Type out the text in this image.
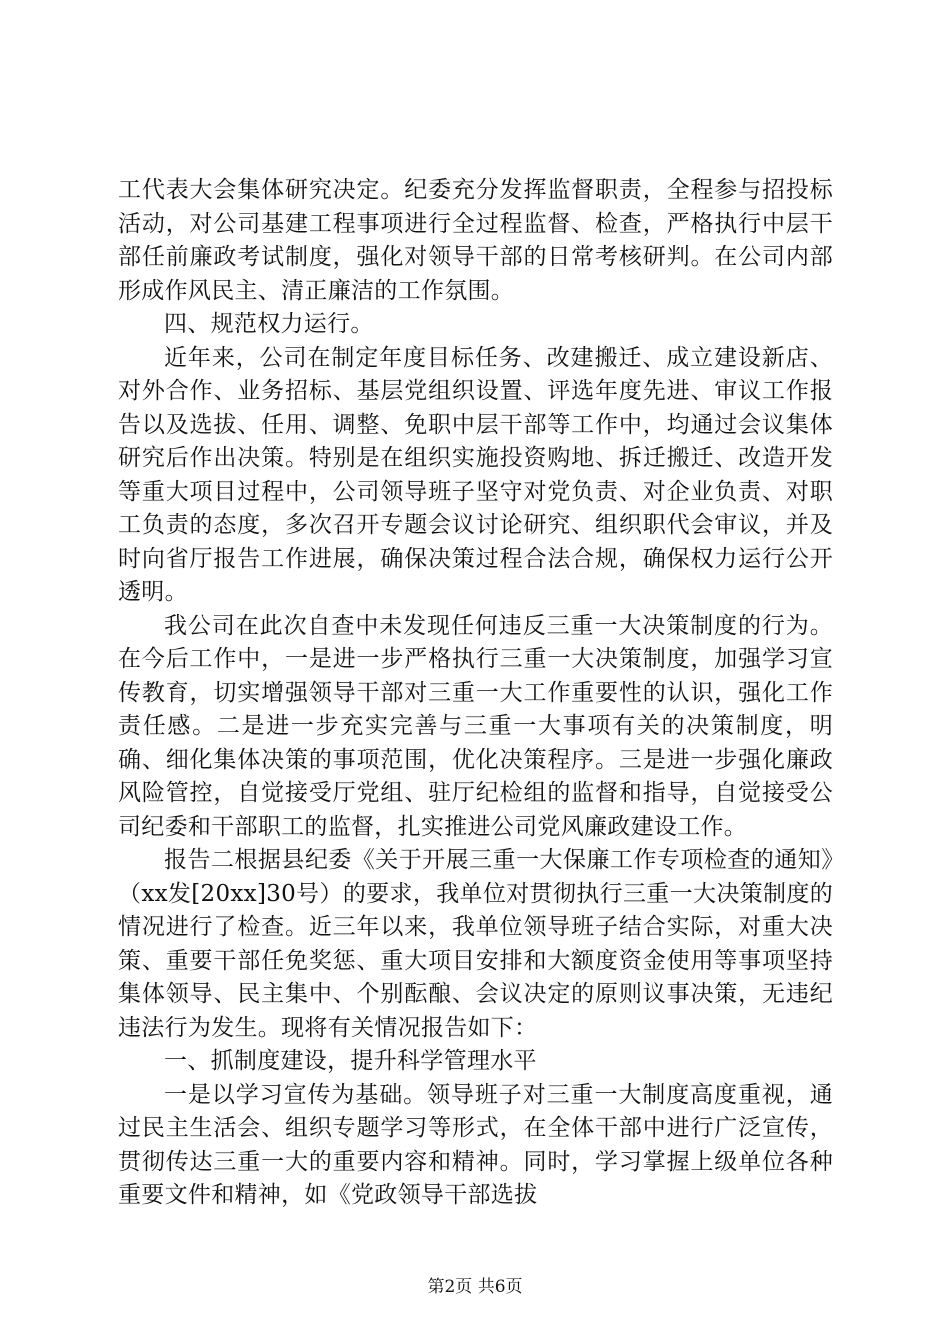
工代表大会集体研究决定。纪委充分发挥监督职责，全程参与招投标活动，对公司基建工程事项进行全过程监督、检查，严格执行中层干部任前廉政考试制度，强化对领导干部的日常考核研判。在公司内部形成作风民主、清正廉洁的工作氛围。

四、规范权力运行。

近年来，公司在制定年度目标任务、改建搬迁、成立建设新店、对外合作、业务招标、基层党组织设置、评选年度先进、审议工作报告以及选拔、任用、调整、免职中层干部等工作中，均通过会议集体研究后作出决策。特别是在组织实施投资购地、拆迁搬迁、改造开发等重大项目过程中，公司领导班子坚守对党负责、对企业负责、对职工负责的态度，多次召开专题会议讨论研究、组织职代会审议，并及时向省厅报告工作进展，确保决策过程合法合规，确保权力运行公开透明。

我公司在此次自查中未发现任何违反三重一大决策制度的行为。在今后工作中，一是进一步严格执行三重一大决策制度，加强学习宣传教育，切实增强领导干部对三重一大工作重要性的认识，强化工作责任感。二是进一步充实完善与三重一大事项有关的决策制度，明确、细化集体决策的事项范围，优化决策程序。三是进一步强化廉政风险管控，自觉接受厅党组、驻厅纪检组的监督和指导，自觉接受公司纪委和干部职工的监督，扎实推进公司党风廉政建设工作。

报告二根据县纪委《关于开展三重一大保廉工作专项检查的通知》（xx发[20xx]30号）的要求，我单位对贯彻执行三重一大决策制度的情况进行了检查。近三年以来，我单位领导班子结合实际，对重大决策、重要干部任免奖惩、重大项目安排和大额度资金使用等事项坚持集体领导、民主集中、个别酝酿、会议决定的原则议事决策，无违纪违法行为发生。现将有关情况报告如下：

一、抓制度建设，提升科学管理水平

一是以学习宣传为基础。领导班子对三重一大制度高度重视，通过民主生活会、组织专题学习等形式，在全体干部中进行广泛宣传，贯彻传达三重一大的重要内容和精神。同时，学习掌握上级单位各种重要文件和精神，如《党政领导干部选拔

第2页 共6页
